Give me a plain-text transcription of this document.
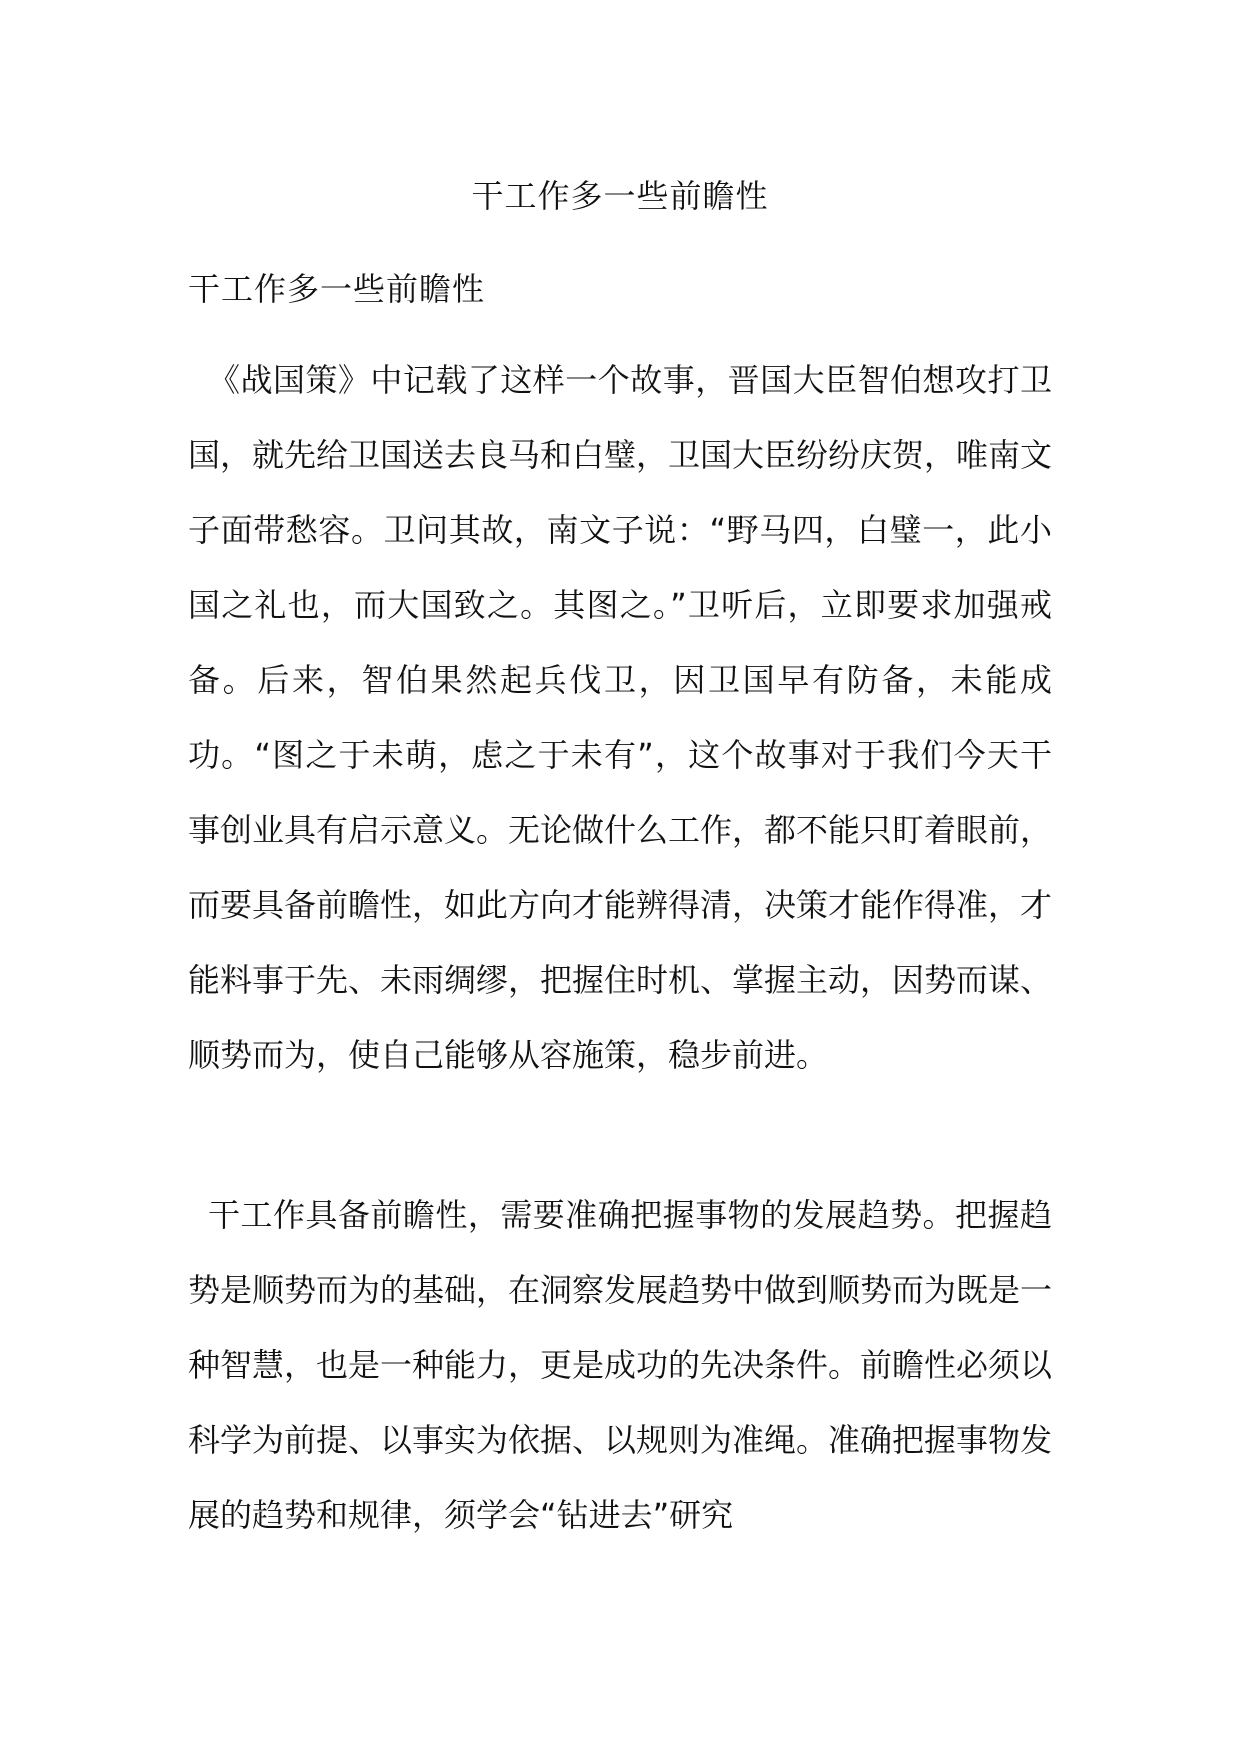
干工作多一些前瞻性
干工作多一些前瞻性

《战国策》中记载了这样一个故事，晋国大臣智伯想攻打卫国，就先给卫国送去良马和白璧，卫国大臣纷纷庆贺，唯南文子面带愁容。卫问其故，南文子说：“野马四，白璧一，此小国之礼也，而大国致之。其图之。”卫听后，立即要求加强戒备。后来，智伯果然起兵伐卫，因卫国早有防备，未能成功。“图之于未萌，虑之于未有”，这个故事对于我们今天干事创业具有启示意义。无论做什么工作，都不能只盯着眼前，而要具备前瞻性，如此方向才能辨得清，决策才能作得准，才能料事于先、未雨绸缪，把握住时机、掌握主动，因势而谋、顺势而为，使自己能够从容施策，稳步前进。

干工作具备前瞻性，需要准确把握事物的发展趋势。把握趋势是顺势而为的基础，在洞察发展趋势中做到顺势而为既是一种智慧，也是一种能力，更是成功的先决条件。前瞻性必须以科学为前提、以事实为依据、以规则为准绳。准确把握事物发展的趋势和规律，须学会“钻进去”研究
